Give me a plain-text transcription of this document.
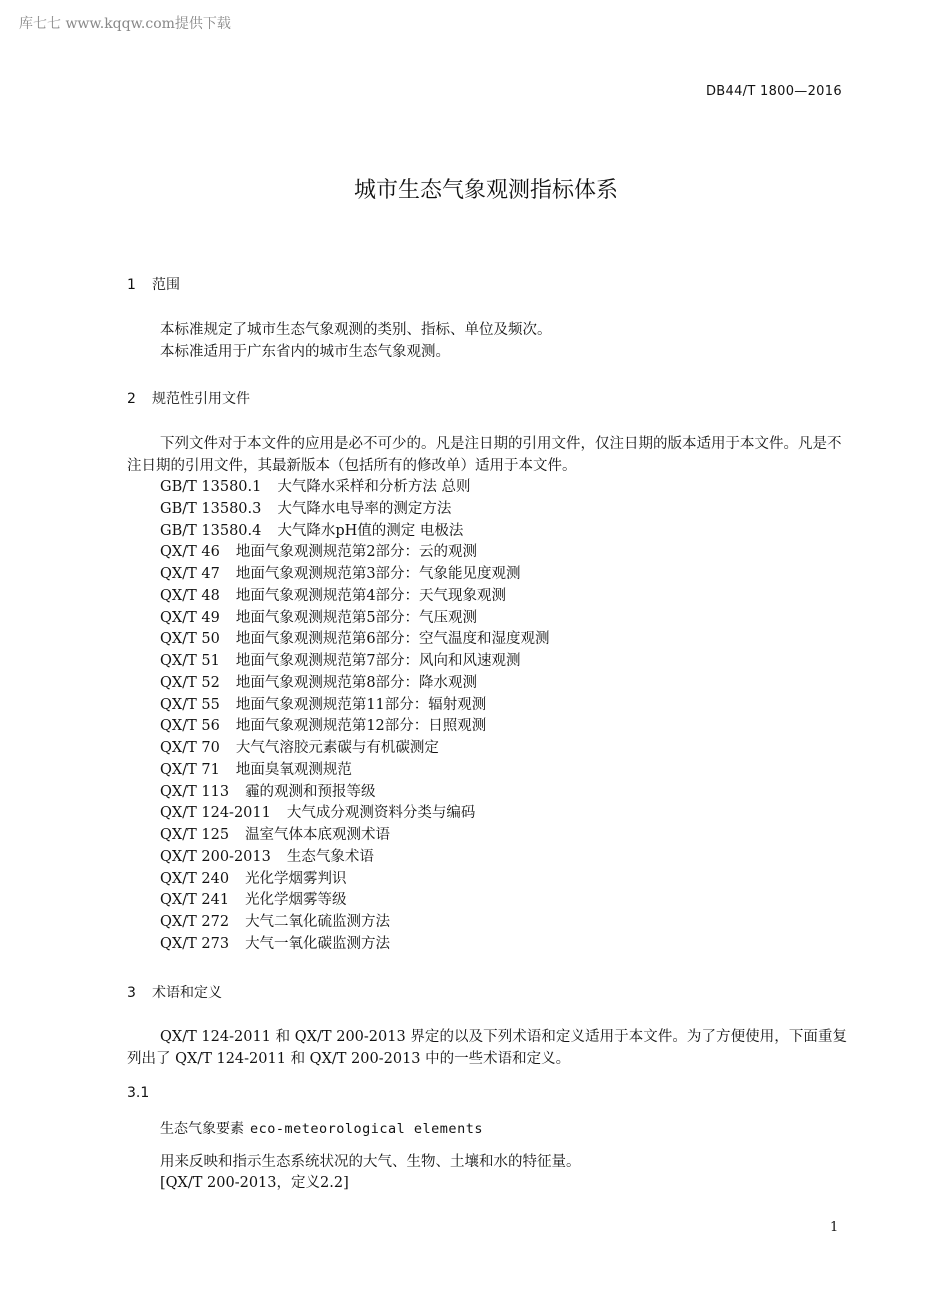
库七七 www.kqqw.com提供下载
DB44/T 1800—2016
城市生态气象观测指标体系
1 范围
本标准规定了城市生态气象观测的类别、指标、单位及频次。
本标准适用于广东省内的城市生态气象观测。
2 规范性引用文件
下列文件对于本文件的应用是必不可少的。凡是注日期的引用文件，仅注日期的版本适用于本文件。凡是不注日期的引用文件，其最新版本（包括所有的修改单）适用于本文件。
GB/T 13580.1 大气降水采样和分析方法 总则
GB/T 13580.3 大气降水电导率的测定方法
GB/T 13580.4 大气降水pH值的测定 电极法
QX/T 46 地面气象观测规范第2部分：云的观测
QX/T 47 地面气象观测规范第3部分：气象能见度观测
QX/T 48 地面气象观测规范第4部分：天气现象观测
QX/T 49 地面气象观测规范第5部分：气压观测
QX/T 50 地面气象观测规范第6部分：空气温度和湿度观测
QX/T 51 地面气象观测规范第7部分：风向和风速观测
QX/T 52 地面气象观测规范第8部分：降水观测
QX/T 55 地面气象观测规范第11部分：辐射观测
QX/T 56 地面气象观测规范第12部分：日照观测
QX/T 70 大气气溶胶元素碳与有机碳测定
QX/T 71 地面臭氧观测规范
QX/T 113 霾的观测和预报等级
QX/T 124-2011 大气成分观测资料分类与编码
QX/T 125 温室气体本底观测术语
QX/T 200-2013 生态气象术语
QX/T 240 光化学烟雾判识
QX/T 241 光化学烟雾等级
QX/T 272 大气二氧化硫监测方法
QX/T 273 大气一氧化碳监测方法
3 术语和定义
QX/T 124-2011 和 QX/T 200-2013 界定的以及下列术语和定义适用于本文件。为了方便使用，下面重复列出了 QX/T 124-2011 和 QX/T 200-2013 中的一些术语和定义。
3.1
生态气象要素 eco-meteorological elements
用来反映和指示生态系统状况的大气、生物、土壤和水的特征量。
[QX/T 200-2013，定义2.2]
1
